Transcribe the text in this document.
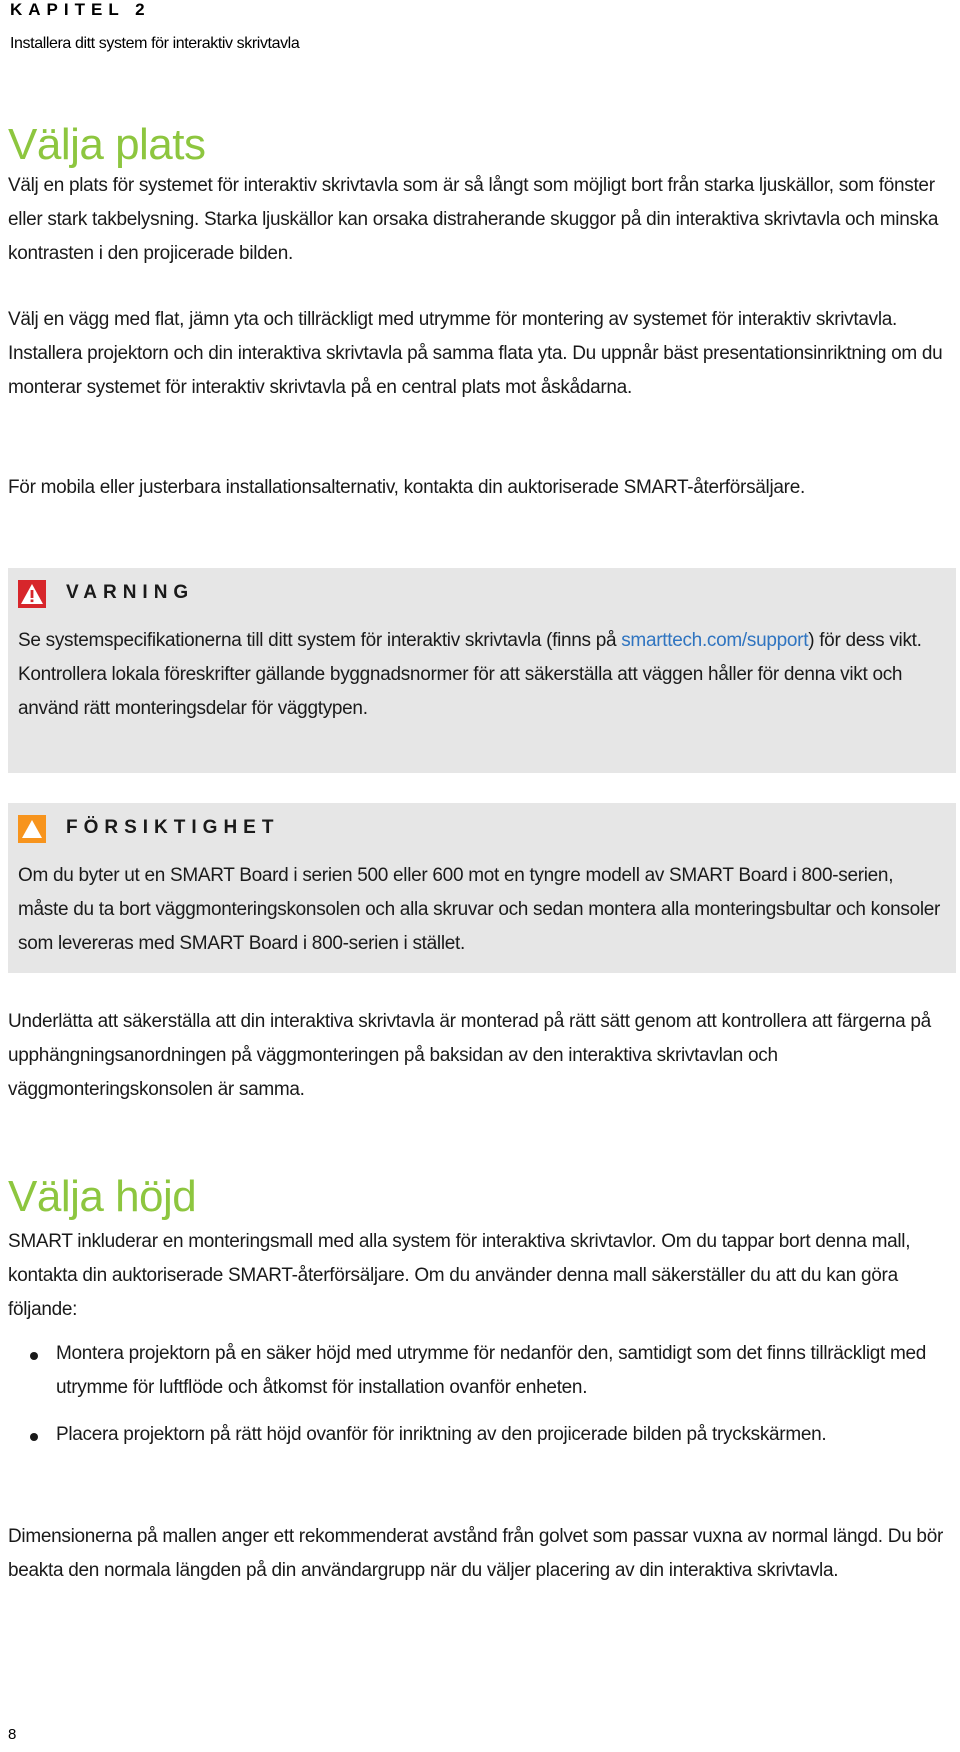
KAPITEL 2
Installera ditt system för interaktiv skrivtavla
Välja plats

Välj en plats för systemet för interaktiv skrivtavla som är så långt som möjligt bort från starka ljuskällor, som fönster eller stark takbelysning. Starka ljuskällor kan orsaka distraherande skuggor på din interaktiva skrivtavla och minska kontrasten i den projicerade bilden.

Välj en vägg med flat, jämn yta och tillräckligt med utrymme för montering av systemet för interaktiv skrivtavla. Installera projektorn och din interaktiva skrivtavla på samma flata yta. Du uppnår bäst presentationsinriktning om du monterar systemet för interaktiv skrivtavla på en central plats mot åskådarna.

För mobila eller justerbara installationsalternativ, kontakta din auktoriserade SMART-återförsäljare.

VARNING

Se systemspecifikationerna till ditt system för interaktiv skrivtavla (finns på smarttech.com/support) för dess vikt. Kontrollera lokala föreskrifter gällande byggnadsnormer för att säkerställa att väggen håller för denna vikt och använd rätt monteringsdelar för väggtypen.

FÖRSIKTIGHET

Om du byter ut en SMART Board i serien 500 eller 600 mot en tyngre modell av SMART Board i 800-serien, måste du ta bort väggmonteringskonsolen och alla skruvar och sedan montera alla monteringsbultar och konsoler som levereras med SMART Board i 800-serien i stället.

Underlätta att säkerställa att din interaktiva skrivtavla är monterad på rätt sätt genom att kontrollera att färgerna på upphängningsanordningen på väggmonteringen på baksidan av den interaktiva skrivtavlan och väggmonteringskonsolen är samma.

Välja höjd

SMART inkluderar en monteringsmall med alla system för interaktiva skrivtavlor. Om du tappar bort denna mall, kontakta din auktoriserade SMART-återförsäljare. Om du använder denna mall säkerställer du att du kan göra följande:

Montera projektorn på en säker höjd med utrymme för nedanför den, samtidigt som det finns tillräckligt med utrymme för luftflöde och åtkomst för installation ovanför enheten.
Placera projektorn på rätt höjd ovanför för inriktning av den projicerade bilden på tryckskärmen.

Dimensionerna på mallen anger ett rekommenderat avstånd från golvet som passar vuxna av normal längd. Du bör beakta den normala längden på din användargrupp när du väljer placering av din interaktiva skrivtavla.

8
